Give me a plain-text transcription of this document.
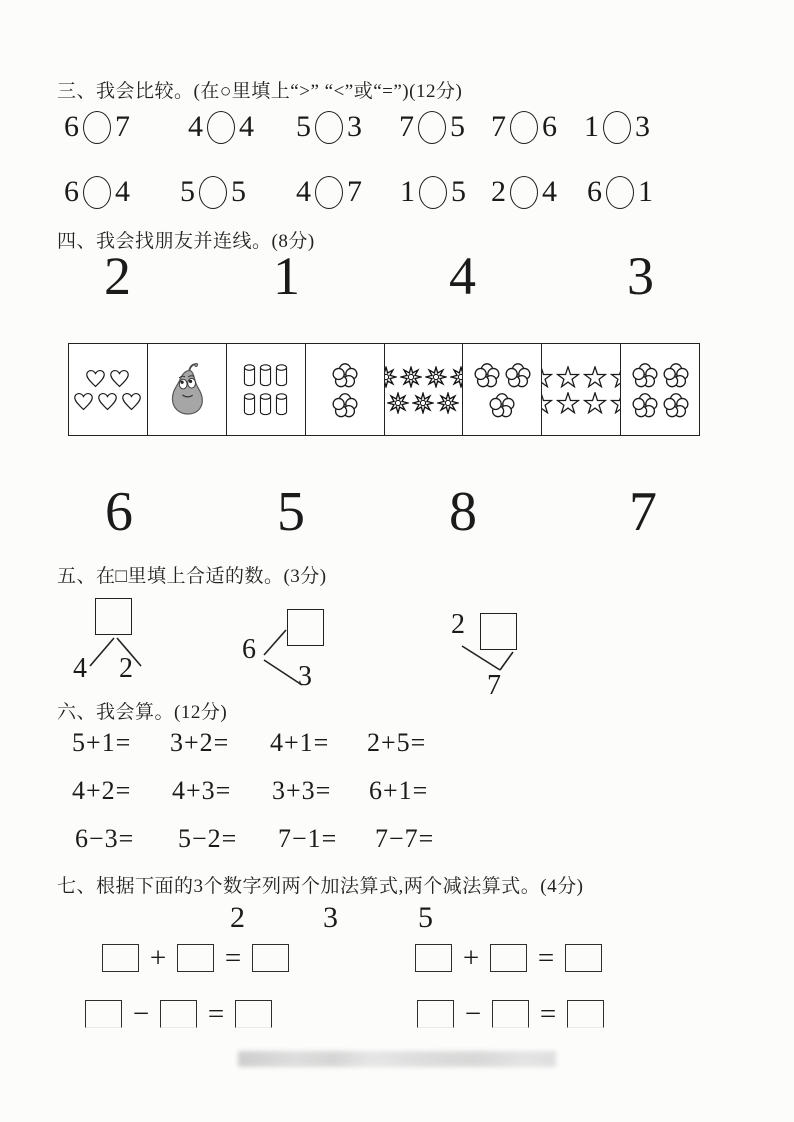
三、我会比较。(在○里填上“>” “<”或“=”)(12分)
6 7 4 4 5 3 7 5 7 6 1 3
6 4 5 5 4 7 1 5 2 4 6 1
四、我会找朋友并连线。(8分)
2	1	4	3
6	5	8	7
五、在□里填上合适的数。(3分)
4 2
6
3
2
7
六、我会算。(12分)
5+1= 3+2= 4+1= 2+5=
4+2= 4+3= 3+3= 6+1=
6−3= 5−2= 7−1= 7−7=
七、根据下面的3个数字列两个加法算式,两个减法算式。(4分)
2	3	5
+ =	+ =
− =	− =
